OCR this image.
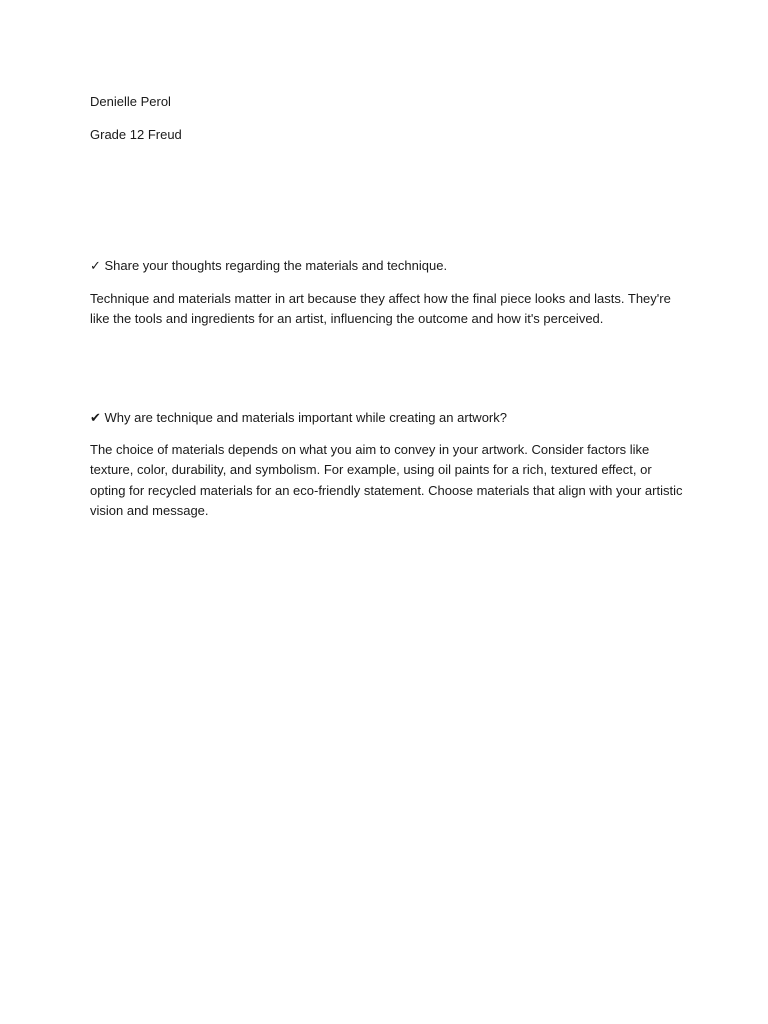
Denielle Perol

Grade 12 Freud

✓ Share your thoughts regarding the materials and technique.

Technique and materials matter in art because they affect how the final piece looks and lasts. They're like the tools and ingredients for an artist, influencing the outcome and how it's perceived.

✔ Why are technique and materials important while creating an artwork?

The choice of materials depends on what you aim to convey in your artwork. Consider factors like texture, color, durability, and symbolism. For example, using oil paints for a rich, textured effect, or opting for recycled materials for an eco-friendly statement. Choose materials that align with your artistic vision and message.
